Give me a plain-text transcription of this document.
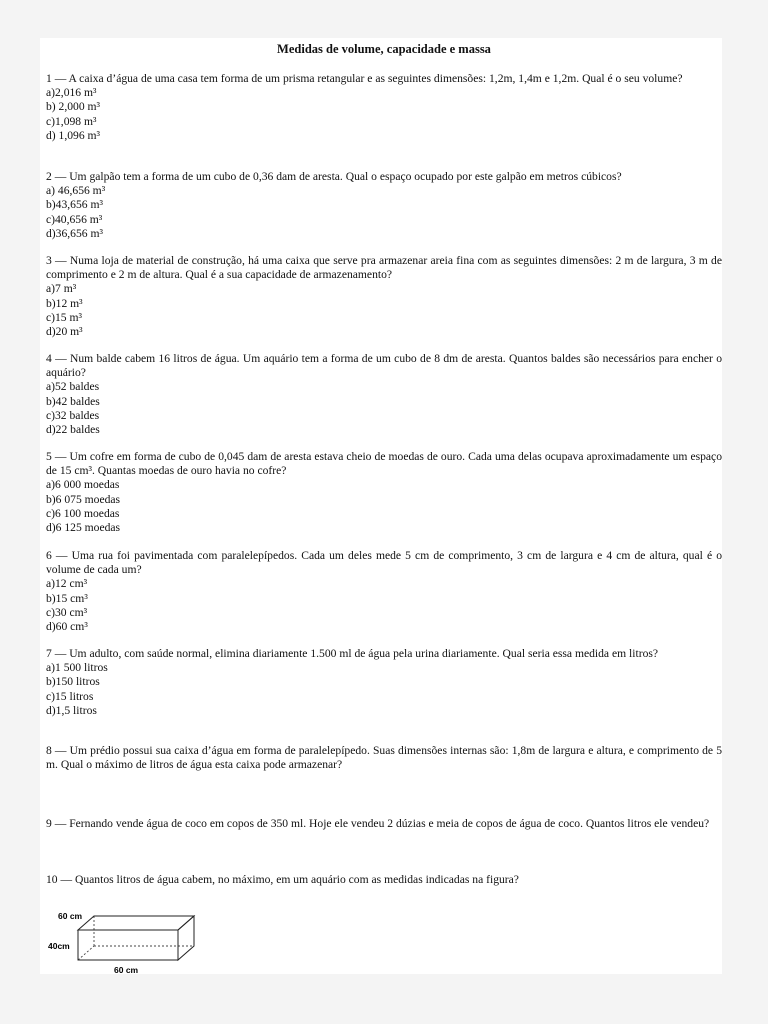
Medidas de volume, capacidade e massa
1 — A caixa d’água de uma casa tem forma de um prisma retangular e as seguintes dimensões: 1,2m, 1,4m e 1,2m. Qual é o seu volume?
a)2,016 m³
b) 2,000 m³
c)1,098 m³
d) 1,096 m³
2 — Um galpão tem a forma de um cubo de 0,36 dam de aresta. Qual o espaço ocupado por este galpão em metros cúbicos?
a) 46,656 m³
b)43,656 m³
c)40,656 m³
d)36,656 m³
3 — Numa loja de material de construção, há uma caixa que serve pra armazenar areia fina com as seguintes dimensões: 2 m de largura, 3 m de comprimento e 2 m de altura. Qual é a sua capacidade de armazenamento?
a)7 m³
b)12 m³
c)15 m³
d)20 m³
4 — Num balde cabem 16 litros de água. Um aquário tem a forma de um cubo de 8 dm de aresta. Quantos baldes são necessários para encher o aquário?
a)52 baldes
b)42 baldes
c)32 baldes
d)22 baldes
5 — Um cofre em forma de cubo de 0,045 dam de aresta estava cheio de moedas de ouro. Cada uma delas ocupava aproximadamente um espaço de 15 cm³. Quantas moedas de ouro havia no cofre?
a)6 000 moedas
b)6 075 moedas
c)6 100 moedas
d)6 125 moedas
6 — Uma rua foi pavimentada com paralelepípedos. Cada um deles mede 5 cm de comprimento, 3 cm de largura e 4 cm de altura, qual é o volume de cada um?
a)12 cm³
b)15 cm³
c)30 cm³
d)60 cm³
7 — Um adulto, com saúde normal, elimina diariamente 1.500 ml de água pela urina diariamente. Qual seria essa medida em litros?
a)1 500 litros
b)150 litros
c)15 litros
d)1,5 litros
8 — Um prédio possui sua caixa d’água em forma de paralelepípedo. Suas dimensões internas são: 1,8m de largura e altura, e comprimento de 5 m. Qual o máximo de litros de água esta caixa pode armazenar?
9 — Fernando vende água de coco em copos de 350 ml. Hoje ele vendeu 2 dúzias e meia de copos de água de coco. Quantos litros ele vendeu?
10 — Quantos litros de água cabem, no máximo, em um aquário com as medidas indicadas na figura?
60 cm
40cm
60 cm
